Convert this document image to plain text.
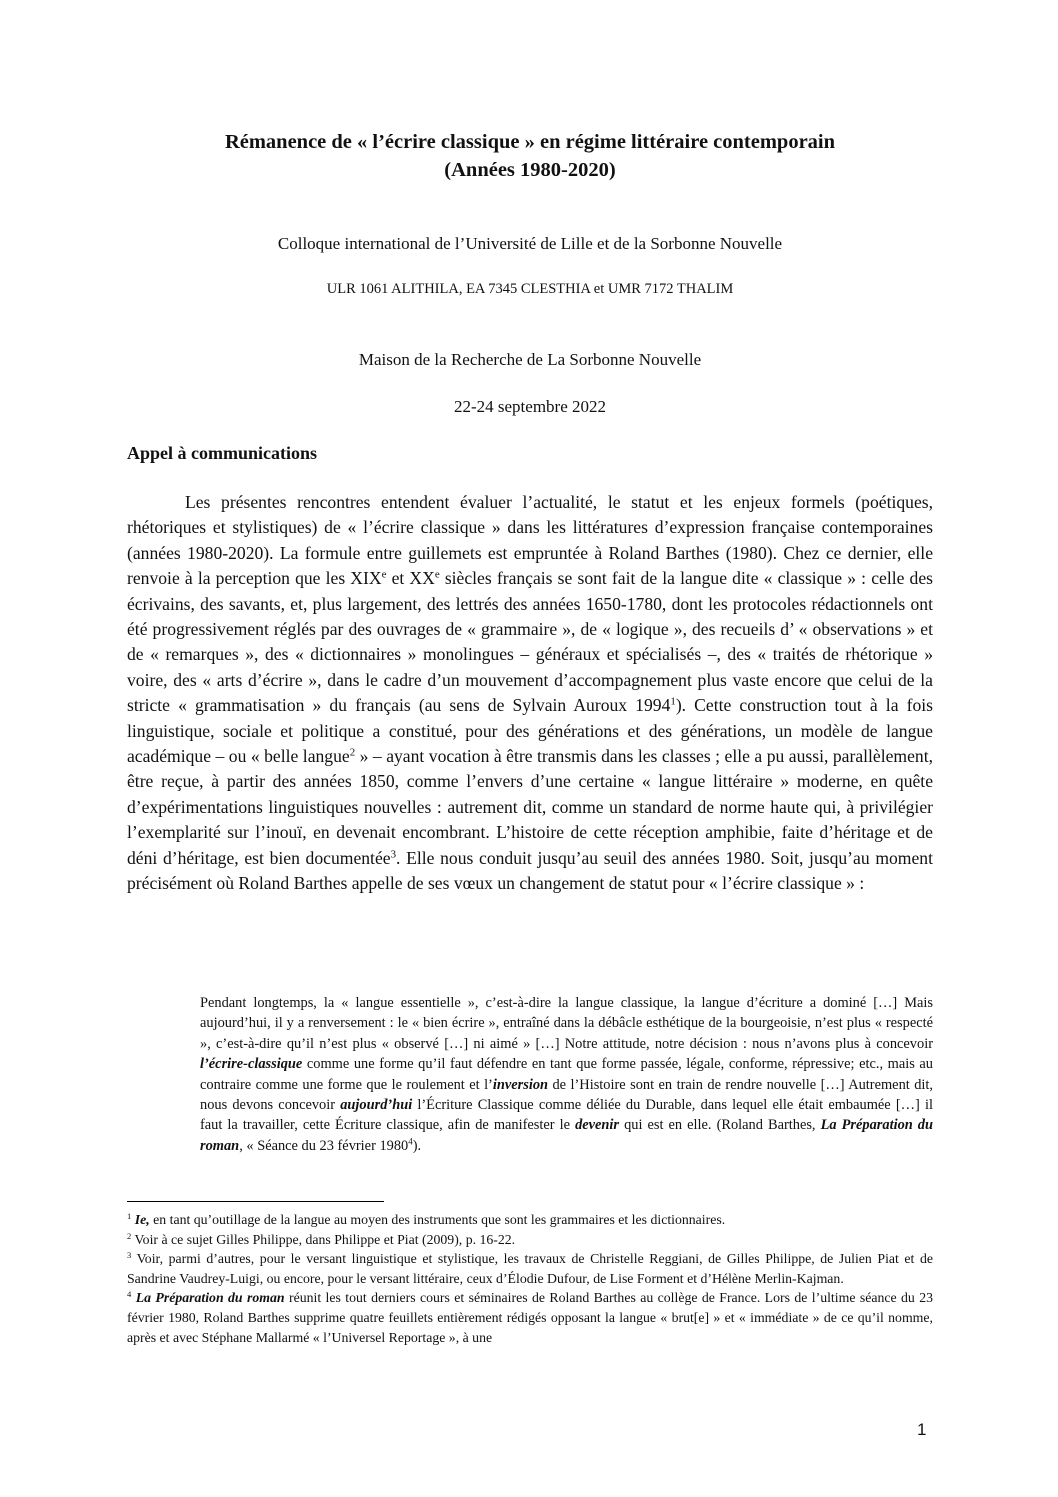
Rémanence de « l’écrire classique » en régime littéraire contemporain
(Années 1980-2020)
Colloque international de l’Université de Lille et de la Sorbonne Nouvelle
ULR 1061 ALITHILA, EA 7345 CLESTHIA et UMR 7172 THALIM
Maison de la Recherche de La Sorbonne Nouvelle
22-24 septembre 2022
Appel à communications

Les présentes rencontres entendent évaluer l’actualité, le statut et les enjeux formels (poétiques, rhétoriques et stylistiques) de « l’écrire classique » dans les littératures d’expression française contemporaines (années 1980-2020). La formule entre guillemets est empruntée à Roland Barthes (1980). Chez ce dernier, elle renvoie à la perception que les XIXe et XXe siècles français se sont fait de la langue dite « classique » : celle des écrivains, des savants, et, plus largement, des lettrés des années 1650-1780, dont les protocoles rédactionnels ont été progressivement réglés par des ouvrages de « grammaire », de « logique », des recueils d’ « observations » et de « remarques », des « dictionnaires » monolingues – généraux et spécialisés –, des « traités de rhétorique » voire, des « arts d’écrire », dans le cadre d’un mouvement d’accompagnement plus vaste encore que celui de la stricte « grammatisation » du français (au sens de Sylvain Auroux 1994$^1$). Cette construction tout à la fois linguistique, sociale et politique a constitué, pour des générations et des générations, un modèle de langue académique – ou « belle langue$^2$ » – ayant vocation à être transmis dans les classes ; elle a pu aussi, parallèlement, être reçue, à partir des années 1850, comme l’envers d’une certaine « langue littéraire » moderne, en quête d’expérimentations linguistiques nouvelles : autrement dit, comme un standard de norme haute qui, à privilégier l’exemplarité sur l’inouï, en devenait encombrant. L’histoire de cette réception amphibie, faite d’héritage et de déni d’héritage, est bien documentée$^3$. Elle nous conduit jusqu’au seuil des années 1980. Soit, jusqu’au moment précisément où Roland Barthes appelle de ses vœux un changement de statut pour « l’écrire classique » :

Pendant longtemps, la « langue essentielle », c’est-à-dire la langue classique, la langue d’écriture a dominé […] Mais aujourd’hui, il y a renversement : le « bien écrire », entraîné dans la débâcle esthétique de la bourgeoisie, n’est plus « respecté », c’est-à-dire qu’il n’est plus « observé […] ni aimé » […] Notre attitude, notre décision : nous n’avons plus à concevoir l’écrire-classique comme une forme qu’il faut défendre en tant que forme passée, légale, conforme, répressive; etc., mais au contraire comme une forme que le roulement et l’inversion de l’Histoire sont en train de rendre nouvelle […] Autrement dit, nous devons concevoir aujourd’hui l’Écriture Classique comme déliée du Durable, dans lequel elle était embaumée […] il faut la travailler, cette Écriture classique, afin de manifester le devenir qui est en elle. (Roland Barthes, La Préparation du roman, « Séance du 23 février 1980$^4$).

$^1$ Ie, en tant qu’outillage de la langue au moyen des instruments que sont les grammaires et les dictionnaires.

$^2$ Voir à ce sujet Gilles Philippe, dans Philippe et Piat (2009), p. 16-22.

$^3$ Voir, parmi d’autres, pour le versant linguistique et stylistique, les travaux de Christelle Reggiani, de Gilles Philippe, de Julien Piat et de Sandrine Vaudrey-Luigi, ou encore, pour le versant littéraire, ceux d’Élodie Dufour, de Lise Forment et d’Hélène Merlin-Kajman.

$^4$ La Préparation du roman réunit les tout derniers cours et séminaires de Roland Barthes au collège de France. Lors de l’ultime séance du 23 février 1980, Roland Barthes supprime quatre feuillets entièrement rédigés opposant la langue « brut[e] » et « immédiate » de ce qu’il nomme, après et avec Stéphane Mallarmé « l’Universel Reportage », à une

1
